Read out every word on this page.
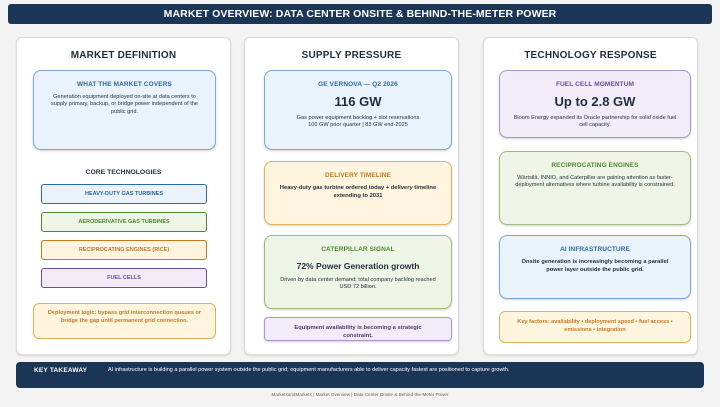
MARKET OVERVIEW: DATA CENTER ONSITE & BEHIND-THE-METER POWER
MARKET DEFINITION
WHAT THE MARKET COVERS
Generation equipment deployed on-site at data centers to supply primary, backup, or bridge power independent of the public grid.
CORE TECHNOLOGIES
HEAVY-DUTY GAS TURBINES
AERODERIVATIVE GAS TURBINES
RECIPROCATING ENGINES (RICE)
FUEL CELLS
Deployment logic: bypass grid interconnection queues or bridge the gap until permanent grid connection.
SUPPLY PRESSURE
GE VERNOVA — Q2 2026
116 GW
Gas power equipment backlog + slot reservations
100 GW prior quarter | 83 GW end-2025
DELIVERY TIMELINE
Heavy-duty gas turbine ordered today + delivery timeline extending to 2031
CATERPILLAR SIGNAL
72% Power Generation growth
Driven by data center demand; total company backlog reached USD 72 billion.
Equipment availability is becoming a strategic constraint.
TECHNOLOGY RESPONSE
FUEL CELL MOMENTUM
Up to 2.8 GW
Bloom Energy expanded its Oracle partnership for solid oxide fuel cell capacity.
RECIPROCATING ENGINES
Wärtsilä, INNIO, and Caterpillar are gaining attention as faster-deployment alternatives where turbine availability is constrained.
AI INFRASTRUCTURE
Onsite generation is increasingly becoming a parallel power layer outside the public grid.
Key factors: availability • deployment speed • fuel access • emissions • integration
KEY TAKEAWAY	AI infrastructure is building a parallel power system outside the public grid; equipment manufacturers able to deliver capacity fastest are positioned to capture growth.
MarketsandMarkets | Market Overview | Data Center Onsite & Behind-the-Meter Power
